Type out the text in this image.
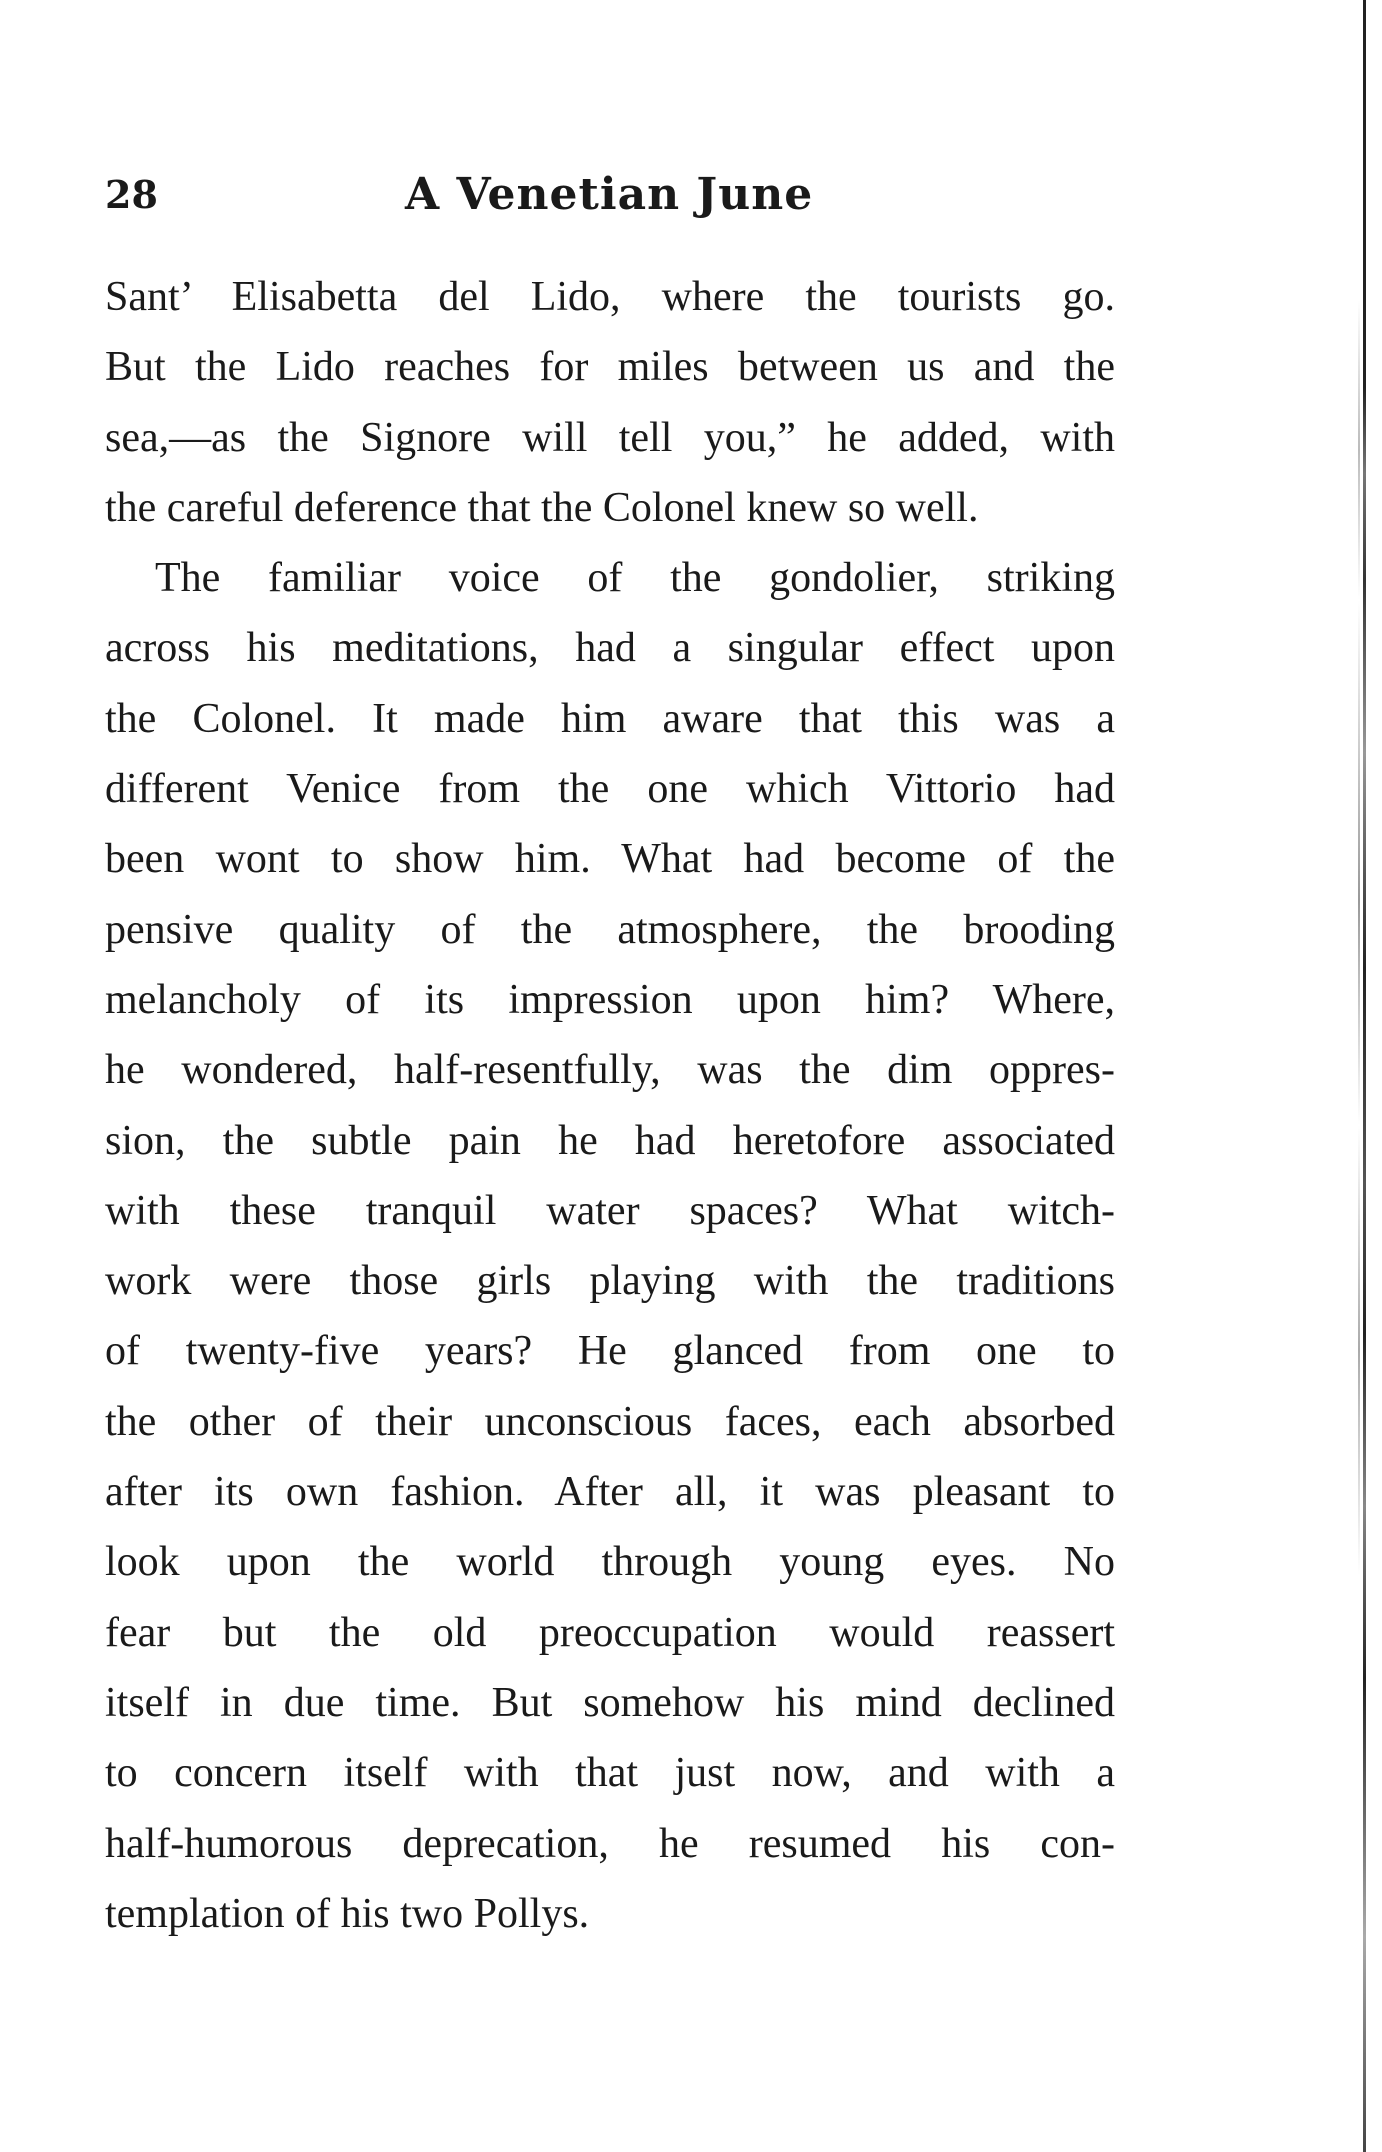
28	A Venetian June
Sant’ Elisabetta del Lido, where the tourists go.
But the Lido reaches for miles between us and the
sea,—as the Signore will tell you,” he added, with
the careful deference that the Colonel knew so well.
The familiar voice of the gondolier, striking
across his meditations, had a singular effect upon
the Colonel. It made him aware that this was a
different Venice from the one which Vittorio had
been wont to show him. What had become of the
pensive quality of the atmosphere, the brooding
melancholy of its impression upon him? Where,
he wondered, half-resentfully, was the dim oppres-
sion, the subtle pain he had heretofore associated
with these tranquil water spaces? What witch-
work were those girls playing with the traditions
of twenty-five years? He glanced from one to
the other of their unconscious faces, each absorbed
after its own fashion. After all, it was pleasant to
look upon the world through young eyes. No
fear but the old preoccupation would reassert
itself in due time. But somehow his mind declined
to concern itself with that just now, and with a
half-humorous deprecation, he resumed his con-
templation of his two Pollys.
